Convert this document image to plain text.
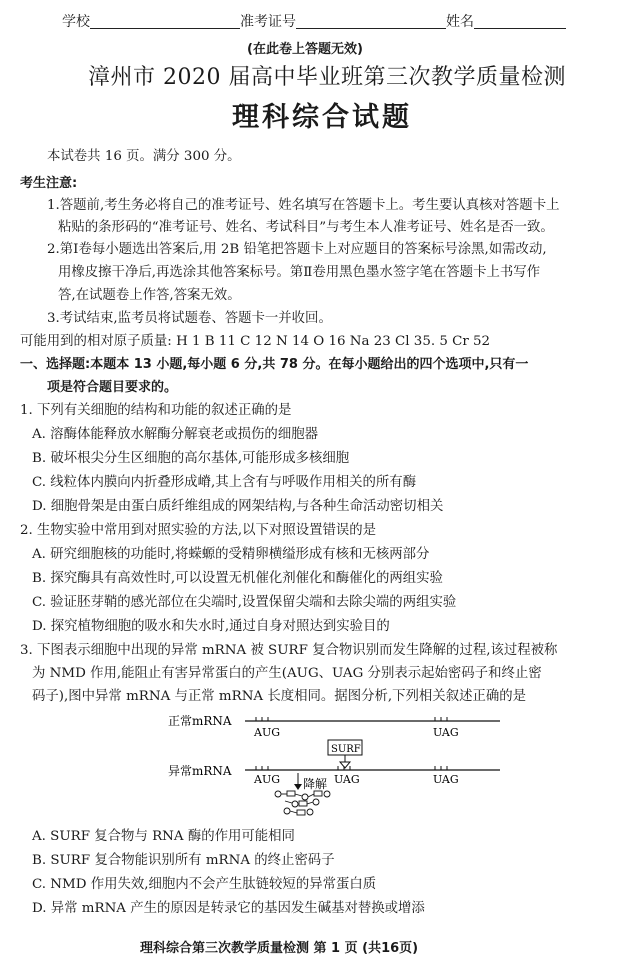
学校	准考证号	姓名
(在此卷上答题无效)
漳州市 2020 届高中毕业班第三次教学质量检测
理科综合试题
本试卷共 16 页。满分 300 分。
考生注意:
1.答题前,考生务必将自己的准考证号、姓名填写在答题卡上。考生要认真核对答题卡上
粘贴的条形码的“准考证号、姓名、考试科目”与考生本人准考证号、姓名是否一致。
2.第Ⅰ卷每小题选出答案后,用 2B 铅笔把答题卡上对应题目的答案标号涂黑,如需改动,
用橡皮擦干净后,再选涂其他答案标号。第Ⅱ卷用黑色墨水签字笔在答题卡上书写作
答,在试题卷上作答,答案无效。
3.考试结束,监考员将试题卷、答题卡一并收回。
可能用到的相对原子质量: H 1 B 11 C 12 N 14 O 16 Na 23 Cl 35. 5 Cr 52
一、选择题:本题本 13 小题,每小题 6 分,共 78 分。在每小题给出的四个选项中,只有一
项是符合题目要求的。
1. 下列有关细胞的结构和功能的叙述正确的是
A. 溶酶体能释放水解酶分解衰老或损伤的细胞器
B. 破坏根尖分生区细胞的高尔基体,可能形成多核细胞
C. 线粒体内膜向内折叠形成嵴,其上含有与呼吸作用相关的所有酶
D. 细胞骨架是由蛋白质纤维组成的网架结构,与各种生命活动密切相关
2. 生物实验中常用到对照实验的方法,以下对照设置错误的是
A. 研究细胞核的功能时,将蝾螈的受精卵横缢形成有核和无核两部分
B. 探究酶具有高效性时,可以设置无机催化剂催化和酶催化的两组实验
C. 验证胚芽鞘的感光部位在尖端时,设置保留尖端和去除尖端的两组实验
D. 探究植物细胞的吸水和失水时,通过自身对照达到实验目的
3. 下图表示细胞中出现的异常 mRNA 被 SURF 复合物识别而发生降解的过程,该过程被称
为 NMD 作用,能阻止有害异常蛋白的产生(AUG、UAG 分别表示起始密码子和终止密
码子),图中异常 mRNA 与正常 mRNA 长度相同。据图分析,下列相关叙述正确的是
正常mRNA
AUG	UAG
SURF
异常mRNA
AUG	UAG	UAG
降解
A. SURF 复合物与 RNA 酶的作用可能相同
B. SURF 复合物能识别所有 mRNA 的终止密码子
C. NMD 作用失效,细胞内不会产生肽链较短的异常蛋白质
D. 异常 mRNA 产生的原因是转录它的基因发生碱基对替换或增添
理科综合第三次教学质量检测 第 1 页 (共16页)
